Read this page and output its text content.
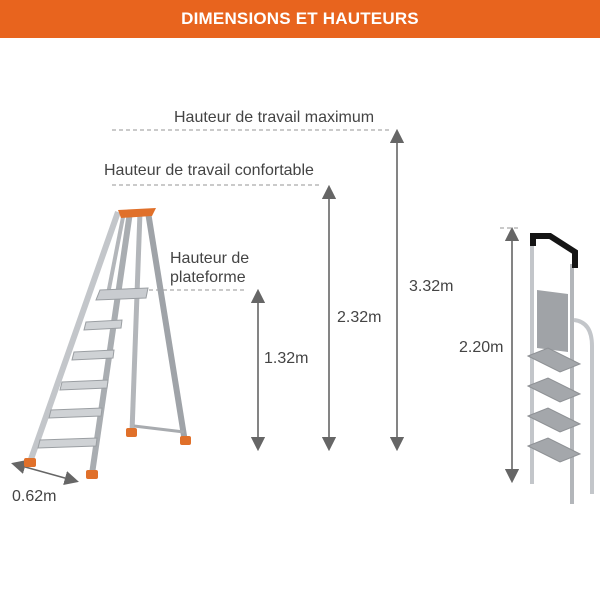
DIMENSIONS ET HAUTEURS
Hauteur de travail maximum
Hauteur de travail confortable
Hauteur de
plateforme
3.32m
2.32m
1.32m
2.20m
0.62m
